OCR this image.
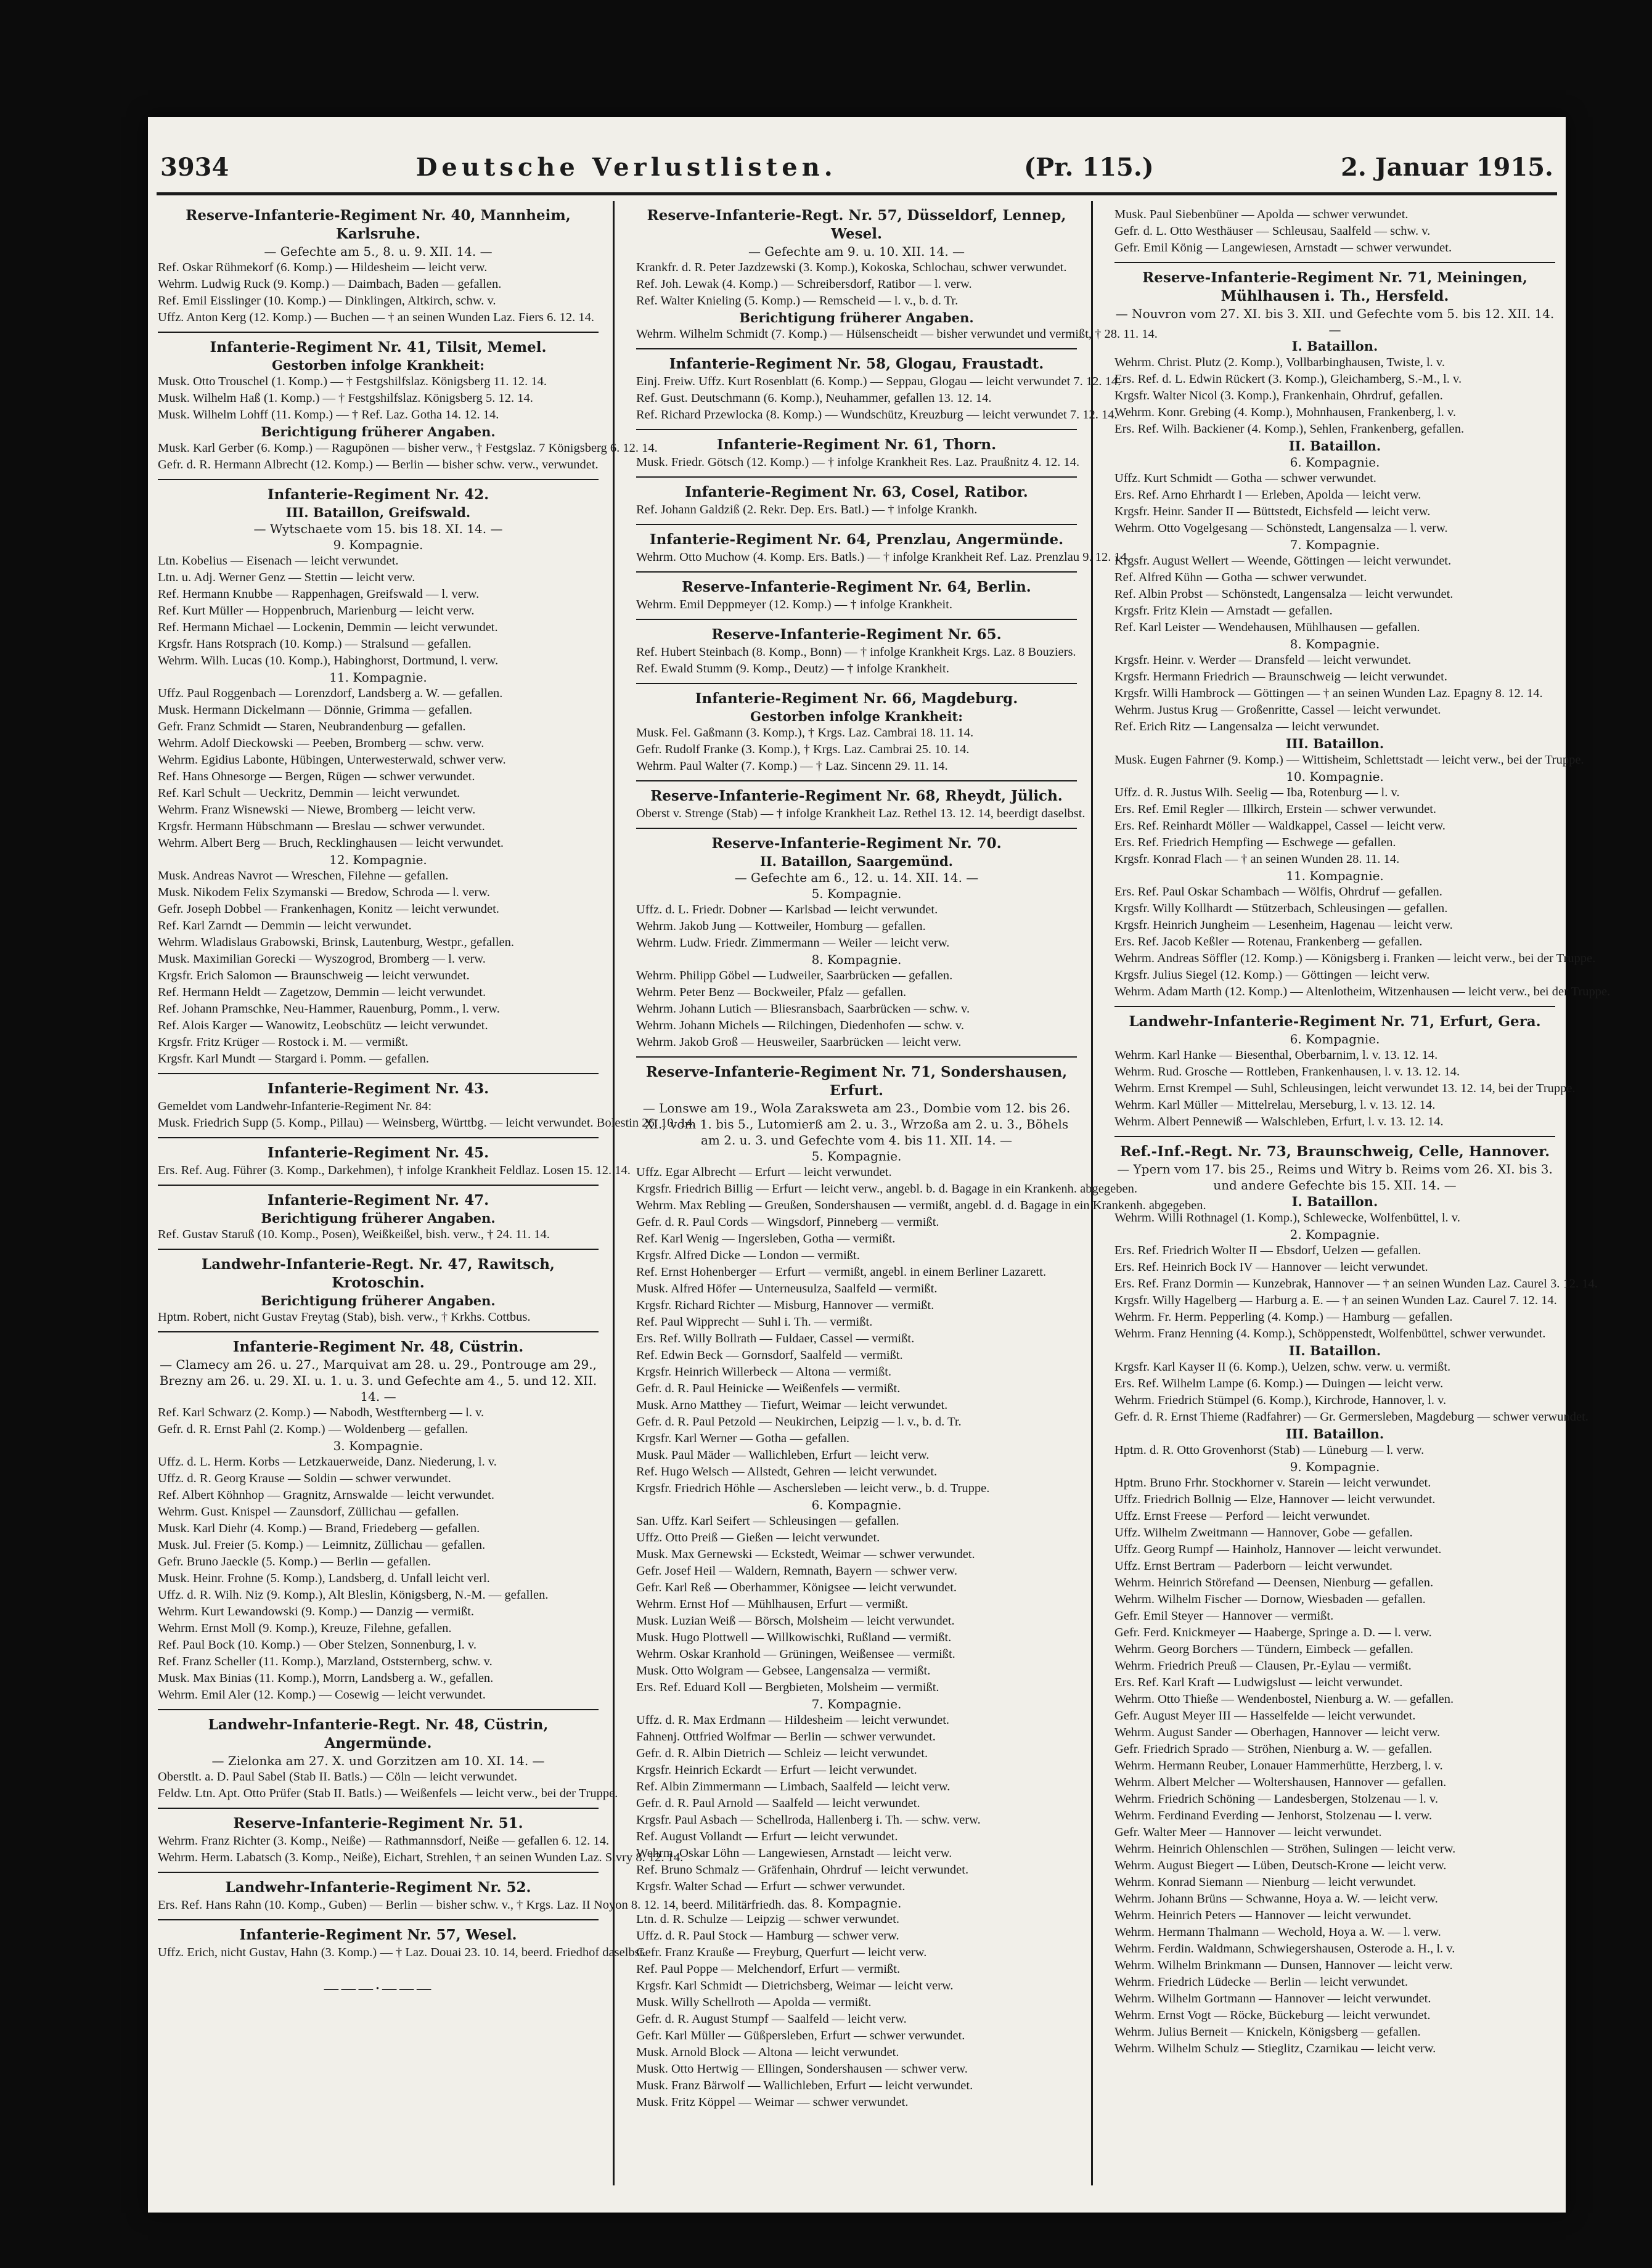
3934	Deutsche Verlustlisten.	(Pr. 115.)	2. Januar 1915.
Reserve-Infanterie-Regiment Nr. 40, Mannheim, Karlsruhe.
— Gefechte am 5., 8. u. 9. XII. 14. —
Ref. Oskar Rühmekorf (6. Komp.) — Hildesheim — leicht verw.
Wehrm. Ludwig Ruck (9. Komp.) — Daimbach, Baden — gefallen.
Ref. Emil Eisslinger (10. Komp.) — Dinklingen, Altkirch, schw. v.
Uffz. Anton Kerg (12. Komp.) — Buchen — † an seinen Wunden Laz. Fiers 6. 12. 14.
Infanterie-Regiment Nr. 41, Tilsit, Memel.
Gestorben infolge Krankheit:
Musk. Otto Trouschel (1. Komp.) — † Festgshilfslaz. Königsberg 11. 12. 14.
Musk. Wilhelm Haß (1. Komp.) — † Festgshilfslaz. Königsberg 5. 12. 14.
Musk. Wilhelm Lohff (11. Komp.) — † Ref. Laz. Gotha 14. 12. 14.
Berichtigung früherer Angaben.
Musk. Karl Gerber (6. Komp.) — Ragupönen — bisher verw., † Festgslaz. 7 Königsberg 6. 12. 14.
Gefr. d. R. Hermann Albrecht (12. Komp.) — Berlin — bisher schw. verw., verwundet.
Infanterie-Regiment Nr. 42.
III. Bataillon, Greifswald.
— Wytschaete vom 15. bis 18. XI. 14. —
9. Kompagnie.
Ltn. Kobelius — Eisenach — leicht verwundet.
Ltn. u. Adj. Werner Genz — Stettin — leicht verw.
Ref. Hermann Knubbe — Rappenhagen, Greifswald — l. verw.
Ref. Kurt Müller — Hoppenbruch, Marienburg — leicht verw.
Ref. Hermann Michael — Lockenin, Demmin — leicht verwundet.
Krgsfr. Hans Rotsprach (10. Komp.) — Stralsund — gefallen.
Wehrm. Wilh. Lucas (10. Komp.), Habinghorst, Dortmund, l. verw.
11. Kompagnie.
Uffz. Paul Roggenbach — Lorenzdorf, Landsberg a. W. — gefallen.
Musk. Hermann Dickelmann — Dönnie, Grimma — gefallen.
Gefr. Franz Schmidt — Staren, Neubrandenburg — gefallen.
Wehrm. Adolf Dieckowski — Peeben, Bromberg — schw. verw.
Wehrm. Egidius Labonte, Hübingen, Unterwesterwald, schwer verw.
Ref. Hans Ohnesorge — Bergen, Rügen — schwer verwundet.
Ref. Karl Schult — Ueckritz, Demmin — leicht verwundet.
Wehrm. Franz Wisnewski — Niewe, Bromberg — leicht verw.
Krgsfr. Hermann Hübschmann — Breslau — schwer verwundet.
Wehrm. Albert Berg — Bruch, Recklinghausen — leicht verwundet.
12. Kompagnie.
Musk. Andreas Navrot — Wreschen, Filehne — gefallen.
Musk. Nikodem Felix Szymanski — Bredow, Schroda — l. verw.
Gefr. Joseph Dobbel — Frankenhagen, Konitz — leicht verwundet.
Ref. Karl Zarndt — Demmin — leicht verwundet.
Wehrm. Wladislaus Grabowski, Brinsk, Lautenburg, Westpr., gefallen.
Musk. Maximilian Gorecki — Wyszogrod, Bromberg — l. verw.
Krgsfr. Erich Salomon — Braunschweig — leicht verwundet.
Ref. Hermann Heldt — Zagetzow, Demmin — leicht verwundet.
Ref. Johann Pramschke, Neu-Hammer, Rauenburg, Pomm., l. verw.
Ref. Alois Karger — Wanowitz, Leobschütz — leicht verwundet.
Krgsfr. Fritz Krüger — Rostock i. M. — vermißt.
Krgsfr. Karl Mundt — Stargard i. Pomm. — gefallen.
Infanterie-Regiment Nr. 43.
Gemeldet vom Landwehr-Infanterie-Regiment Nr. 84:
Musk. Friedrich Supp (5. Komp., Pillau) — Weinsberg, Württbg. — leicht verwundet. Bolestin 26. 10. 14.
Infanterie-Regiment Nr. 45.
Ers. Ref. Aug. Führer (3. Komp., Darkehmen), † infolge Krankheit Feldlaz. Losen 15. 12. 14.
Infanterie-Regiment Nr. 47.
Berichtigung früherer Angaben.
Ref. Gustav Staruß (10. Komp., Posen), Weißkeißel, bish. verw., † 24. 11. 14.
Landwehr-Infanterie-Regt. Nr. 47, Rawitsch, Krotoschin.
Berichtigung früherer Angaben.
Hptm. Robert, nicht Gustav Freytag (Stab), bish. verw., † Krkhs. Cottbus.
Infanterie-Regiment Nr. 48, Cüstrin.
— Clamecy am 26. u. 27., Marquivat am 28. u. 29., Pontrouge am 29., Brezny am 26. u. 29. XI. u. 1. u. 3. und Gefechte am 4., 5. und 12. XII. 14. —
Ref. Karl Schwarz (2. Komp.) — Nabodh, Westfternberg — l. v.
Gefr. d. R. Ernst Pahl (2. Komp.) — Woldenberg — gefallen.
3. Kompagnie.
Uffz. d. L. Herm. Korbs — Letzkauerweide, Danz. Niederung, l. v.
Uffz. d. R. Georg Krause — Soldin — schwer verwundet.
Ref. Albert Köhnhop — Gragnitz, Arnswalde — leicht verwundet.
Wehrm. Gust. Knispel — Zaunsdorf, Züllichau — gefallen.
Musk. Karl Diehr (4. Komp.) — Brand, Friedeberg — gefallen.
Musk. Jul. Freier (5. Komp.) — Leimnitz, Züllichau — gefallen.
Gefr. Bruno Jaeckle (5. Komp.) — Berlin — gefallen.
Musk. Heinr. Frohne (5. Komp.), Landsberg, d. Unfall leicht verl.
Uffz. d. R. Wilh. Niz (9. Komp.), Alt Bleslin, Königsberg, N.-M. — gefallen.
Wehrm. Kurt Lewandowski (9. Komp.) — Danzig — vermißt.
Wehrm. Ernst Moll (9. Komp.), Kreuze, Filehne, gefallen.
Ref. Paul Bock (10. Komp.) — Ober Stelzen, Sonnenburg, l. v.
Ref. Franz Scheller (11. Komp.), Marzland, Oststernberg, schw. v.
Musk. Max Binias (11. Komp.), Morrn, Landsberg a. W., gefallen.
Wehrm. Emil Aler (12. Komp.) — Cosewig — leicht verwundet.
Landwehr-Infanterie-Regt. Nr. 48, Cüstrin, Angermünde.
— Zielonka am 27. X. und Gorzitzen am 10. XI. 14. —
Oberstlt. a. D. Paul Sabel (Stab II. Batls.) — Cöln — leicht verwundet.
Feldw. Ltn. Apt. Otto Prüfer (Stab II. Batls.) — Weißenfels — leicht verw., bei der Truppe.
Reserve-Infanterie-Regiment Nr. 51.
Wehrm. Franz Richter (3. Komp., Neiße) — Rathmannsdorf, Neiße — gefallen 6. 12. 14.
Wehrm. Herm. Labatsch (3. Komp., Neiße), Eichart, Strehlen, † an seinen Wunden Laz. Sivry 8. 12. 14.
Landwehr-Infanterie-Regiment Nr. 52.
Ers. Ref. Hans Rahn (10. Komp., Guben) — Berlin — bisher schw. v., † Krgs. Laz. II Noyon 8. 12. 14, beerd. Militärfriedh. das.
Infanterie-Regiment Nr. 57, Wesel.
Uffz. Erich, nicht Gustav, Hahn (3. Komp.) — † Laz. Douai 23. 10. 14, beerd. Friedhof daselbst.
———·———
Reserve-Infanterie-Regt. Nr. 57, Düsseldorf, Lennep, Wesel.
— Gefechte am 9. u. 10. XII. 14. —
Krankfr. d. R. Peter Jazdzewski (3. Komp.), Kokoska, Schlochau, schwer verwundet.
Ref. Joh. Lewak (4. Komp.) — Schreibersdorf, Ratibor — l. verw.
Ref. Walter Knieling (5. Komp.) — Remscheid — l. v., b. d. Tr.
Berichtigung früherer Angaben.
Wehrm. Wilhelm Schmidt (7. Komp.) — Hülsenscheidt — bisher verwundet und vermißt, † 28. 11. 14.
Infanterie-Regiment Nr. 58, Glogau, Fraustadt.
Einj. Freiw. Uffz. Kurt Rosenblatt (6. Komp.) — Seppau, Glogau — leicht verwundet 7. 12. 14.
Ref. Gust. Deutschmann (6. Komp.), Neuhammer, gefallen 13. 12. 14.
Ref. Richard Przewlocka (8. Komp.) — Wundschütz, Kreuzburg — leicht verwundet 7. 12. 14.
Infanterie-Regiment Nr. 61, Thorn.
Musk. Friedr. Götsch (12. Komp.) — † infolge Krankheit Res. Laz. Praußnitz 4. 12. 14.
Infanterie-Regiment Nr. 63, Cosel, Ratibor.
Ref. Johann Galdziß (2. Rekr. Dep. Ers. Batl.) — † infolge Krankh.
Infanterie-Regiment Nr. 64, Prenzlau, Angermünde.
Wehrm. Otto Muchow (4. Komp. Ers. Batls.) — † infolge Krankheit Ref. Laz. Prenzlau 9. 12. 14.
Reserve-Infanterie-Regiment Nr. 64, Berlin.
Wehrm. Emil Deppmeyer (12. Komp.) — † infolge Krankheit.
Reserve-Infanterie-Regiment Nr. 65.
Ref. Hubert Steinbach (8. Komp., Bonn) — † infolge Krankheit Krgs. Laz. 8 Bouziers.
Ref. Ewald Stumm (9. Komp., Deutz) — † infolge Krankheit.
Infanterie-Regiment Nr. 66, Magdeburg.
Gestorben infolge Krankheit:
Musk. Fel. Gaßmann (3. Komp.), † Krgs. Laz. Cambrai 18. 11. 14.
Gefr. Rudolf Franke (3. Komp.), † Krgs. Laz. Cambrai 25. 10. 14.
Wehrm. Paul Walter (7. Komp.) — † Laz. Sincenn 29. 11. 14.
Reserve-Infanterie-Regiment Nr. 68, Rheydt, Jülich.
Oberst v. Strenge (Stab) — † infolge Krankheit Laz. Rethel 13. 12. 14, beerdigt daselbst.
Reserve-Infanterie-Regiment Nr. 70.
II. Bataillon, Saargemünd.
— Gefechte am 6., 12. u. 14. XII. 14. —
5. Kompagnie.
Uffz. d. L. Friedr. Dobner — Karlsbad — leicht verwundet.
Wehrm. Jakob Jung — Kottweiler, Homburg — gefallen.
Wehrm. Ludw. Friedr. Zimmermann — Weiler — leicht verw.
8. Kompagnie.
Wehrm. Philipp Göbel — Ludweiler, Saarbrücken — gefallen.
Wehrm. Peter Benz — Bockweiler, Pfalz — gefallen.
Wehrm. Johann Lutich — Bliesransbach, Saarbrücken — schw. v.
Wehrm. Johann Michels — Rilchingen, Diedenhofen — schw. v.
Wehrm. Jakob Groß — Heusweiler, Saarbrücken — leicht verw.
Reserve-Infanterie-Regiment Nr. 71, Sondershausen, Erfurt.
— Lonswe am 19., Wola Zaraksweta am 23., Dombie vom 12. bis 26. XI., vom 1. bis 5., Lutomierß am 2. u. 3., Wrzoßa am 2. u. 3., Böhels am 2. u. 3. und Gefechte vom 4. bis 11. XII. 14. —
5. Kompagnie.
Uffz. Egar Albrecht — Erfurt — leicht verwundet.
Krgsfr. Friedrich Billig — Erfurt — leicht verw., angebl. b. d. Bagage in ein Krankenh. abgegeben.
Wehrm. Max Rebling — Greußen, Sondershausen — vermißt, angebl. d. d. Bagage in ein Krankenh. abgegeben.
Gefr. d. R. Paul Cords — Wingsdorf, Pinneberg — vermißt.
Ref. Karl Wenig — Ingersleben, Gotha — vermißt.
Krgsfr. Alfred Dicke — London — vermißt.
Ref. Ernst Hohenberger — Erfurt — vermißt, angebl. in einem Berliner Lazarett.
Musk. Alfred Höfer — Unterneusulza, Saalfeld — vermißt.
Krgsfr. Richard Richter — Misburg, Hannover — vermißt.
Ref. Paul Wipprecht — Suhl i. Th. — vermißt.
Ers. Ref. Willy Bollrath — Fuldaer, Cassel — vermißt.
Ref. Edwin Beck — Gornsdorf, Saalfeld — vermißt.
Krgsfr. Heinrich Willerbeck — Altona — vermißt.
Gefr. d. R. Paul Heinicke — Weißenfels — vermißt.
Musk. Arno Matthey — Tiefurt, Weimar — leicht verwundet.
Gefr. d. R. Paul Petzold — Neukirchen, Leipzig — l. v., b. d. Tr.
Krgsfr. Karl Werner — Gotha — gefallen.
Musk. Paul Mäder — Wallichleben, Erfurt — leicht verw.
Ref. Hugo Welsch — Allstedt, Gehren — leicht verwundet.
Krgsfr. Friedrich Höhle — Aschersleben — leicht verw., b. d. Truppe.
6. Kompagnie.
San. Uffz. Karl Seifert — Schleusingen — gefallen.
Uffz. Otto Preiß — Gießen — leicht verwundet.
Musk. Max Gernewski — Eckstedt, Weimar — schwer verwundet.
Gefr. Josef Heil — Waldern, Remnath, Bayern — schwer verw.
Gefr. Karl Reß — Oberhammer, Königsee — leicht verwundet.
Wehrm. Ernst Hof — Mühlhausen, Erfurt — vermißt.
Musk. Luzian Weiß — Börsch, Molsheim — leicht verwundet.
Musk. Hugo Plottwell — Willkowischki, Rußland — vermißt.
Wehrm. Oskar Kranhold — Grüningen, Weißensee — vermißt.
Musk. Otto Wolgram — Gebsee, Langensalza — vermißt.
Ers. Ref. Eduard Koll — Bergbieten, Molsheim — vermißt.
7. Kompagnie.
Uffz. d. R. Max Erdmann — Hildesheim — leicht verwundet.
Fahnenj. Ottfried Wolfmar — Berlin — schwer verwundet.
Gefr. d. R. Albin Dietrich — Schleiz — leicht verwundet.
Krgsfr. Heinrich Eckardt — Erfurt — leicht verwundet.
Ref. Albin Zimmermann — Limbach, Saalfeld — leicht verw.
Gefr. d. R. Paul Arnold — Saalfeld — leicht verwundet.
Krgsfr. Paul Asbach — Schellroda, Hallenberg i. Th. — schw. verw.
Ref. August Vollandt — Erfurt — leicht verwundet.
Wehrm. Oskar Löhn — Langewiesen, Arnstadt — leicht verw.
Ref. Bruno Schmalz — Gräfenhain, Ohrdruf — leicht verwundet.
Krgsfr. Walter Schad — Erfurt — schwer verwundet.
8. Kompagnie.
Ltn. d. R. Schulze — Leipzig — schwer verwundet.
Uffz. d. R. Paul Stock — Hamburg — schwer verw.
Gefr. Franz Krauße — Freyburg, Querfurt — leicht verw.
Ref. Paul Poppe — Melchendorf, Erfurt — vermißt.
Krgsfr. Karl Schmidt — Dietrichsberg, Weimar — leicht verw.
Musk. Willy Schellroth — Apolda — vermißt.
Gefr. d. R. August Stumpf — Saalfeld — leicht verw.
Gefr. Karl Müller — Güßpersleben, Erfurt — schwer verwundet.
Musk. Arnold Block — Altona — leicht verwundet.
Musk. Otto Hertwig — Ellingen, Sondershausen — schwer verw.
Musk. Franz Bärwolf — Wallichleben, Erfurt — leicht verwundet.
Musk. Fritz Köppel — Weimar — schwer verwundet.
Musk. Paul Siebenbüner — Apolda — schwer verwundet.
Gefr. d. L. Otto Westhäuser — Schleusau, Saalfeld — schw. v.
Gefr. Emil König — Langewiesen, Arnstadt — schwer verwundet.
Reserve-Infanterie-Regiment Nr. 71, Meiningen, Mühlhausen i. Th., Hersfeld.
— Nouvron vom 27. XI. bis 3. XII. und Gefechte vom 5. bis 12. XII. 14. —
I. Bataillon.
Wehrm. Christ. Plutz (2. Komp.), Vollbarbinghausen, Twiste, l. v.
Ers. Ref. d. L. Edwin Rückert (3. Komp.), Gleichamberg, S.-M., l. v.
Krgsfr. Walter Nicol (3. Komp.), Frankenhain, Ohrdruf, gefallen.
Wehrm. Konr. Grebing (4. Komp.), Mohnhausen, Frankenberg, l. v.
Ers. Ref. Wilh. Backiener (4. Komp.), Sehlen, Frankenberg, gefallen.
II. Bataillon.
6. Kompagnie.
Uffz. Kurt Schmidt — Gotha — schwer verwundet.
Ers. Ref. Arno Ehrhardt I — Erleben, Apolda — leicht verw.
Krgsfr. Heinr. Sander II — Büttstedt, Eichsfeld — leicht verw.
Wehrm. Otto Vogelgesang — Schönstedt, Langensalza — l. verw.
7. Kompagnie.
Krgsfr. August Wellert — Weende, Göttingen — leicht verwundet.
Ref. Alfred Kühn — Gotha — schwer verwundet.
Ref. Albin Probst — Schönstedt, Langensalza — leicht verwundet.
Krgsfr. Fritz Klein — Arnstadt — gefallen.
Ref. Karl Leister — Wendehausen, Mühlhausen — gefallen.
8. Kompagnie.
Krgsfr. Heinr. v. Werder — Dransfeld — leicht verwundet.
Krgsfr. Hermann Friedrich — Braunschweig — leicht verwundet.
Krgsfr. Willi Hambrock — Göttingen — † an seinen Wunden Laz. Epagny 8. 12. 14.
Wehrm. Justus Krug — Großenritte, Cassel — leicht verwundet.
Ref. Erich Ritz — Langensalza — leicht verwundet.
III. Bataillon.
Musk. Eugen Fahrner (9. Komp.) — Wittisheim, Schlettstadt — leicht verw., bei der Truppe.
10. Kompagnie.
Uffz. d. R. Justus Wilh. Seelig — Iba, Rotenburg — l. v.
Ers. Ref. Emil Regler — Illkirch, Erstein — schwer verwundet.
Ers. Ref. Reinhardt Möller — Waldkappel, Cassel — leicht verw.
Ers. Ref. Friedrich Hempfing — Eschwege — gefallen.
Krgsfr. Konrad Flach — † an seinen Wunden 28. 11. 14.
11. Kompagnie.
Ers. Ref. Paul Oskar Schambach — Wölfis, Ohrdruf — gefallen.
Krgsfr. Willy Kollhardt — Stützerbach, Schleusingen — gefallen.
Krgsfr. Heinrich Jungheim — Lesenheim, Hagenau — leicht verw.
Ers. Ref. Jacob Keßler — Rotenau, Frankenberg — gefallen.
Wehrm. Andreas Söffler (12. Komp.) — Königsberg i. Franken — leicht verw., bei der Truppe.
Krgsfr. Julius Siegel (12. Komp.) — Göttingen — leicht verw.
Wehrm. Adam Marth (12. Komp.) — Altenlotheim, Witzenhausen — leicht verw., bei der Truppe.
Landwehr-Infanterie-Regiment Nr. 71, Erfurt, Gera.
6. Kompagnie.
Wehrm. Karl Hanke — Biesenthal, Oberbarnim, l. v. 13. 12. 14.
Wehrm. Rud. Grosche — Rottleben, Frankenhausen, l. v. 13. 12. 14.
Wehrm. Ernst Krempel — Suhl, Schleusingen, leicht verwundet 13. 12. 14, bei der Truppe.
Wehrm. Karl Müller — Mittelrelau, Merseburg, l. v. 13. 12. 14.
Wehrm. Albert Pennewiß — Walschleben, Erfurt, l. v. 13. 12. 14.
Ref.-Inf.-Regt. Nr. 73, Braunschweig, Celle, Hannover.
— Ypern vom 17. bis 25., Reims und Witry b. Reims vom 26. XI. bis 3. und andere Gefechte bis 15. XII. 14. —
I. Bataillon.
Wehrm. Willi Rothnagel (1. Komp.), Schlewecke, Wolfenbüttel, l. v.
2. Kompagnie.
Ers. Ref. Friedrich Wolter II — Ebsdorf, Uelzen — gefallen.
Ers. Ref. Heinrich Bock IV — Hannover — leicht verwundet.
Ers. Ref. Franz Dormin — Kunzebrak, Hannover — † an seinen Wunden Laz. Caurel 3. 12. 14.
Krgsfr. Willy Hagelberg — Harburg a. E. — † an seinen Wunden Laz. Caurel 7. 12. 14.
Wehrm. Fr. Herm. Pepperling (4. Komp.) — Hamburg — gefallen.
Wehrm. Franz Henning (4. Komp.), Schöppenstedt, Wolfenbüttel, schwer verwundet.
II. Bataillon.
Krgsfr. Karl Kayser II (6. Komp.), Uelzen, schw. verw. u. vermißt.
Ers. Ref. Wilhelm Lampe (6. Komp.) — Duingen — leicht verw.
Wehrm. Friedrich Stümpel (6. Komp.), Kirchrode, Hannover, l. v.
Gefr. d. R. Ernst Thieme (Radfahrer) — Gr. Germersleben, Magdeburg — schwer verwundet.
III. Bataillon.
Hptm. d. R. Otto Grovenhorst (Stab) — Lüneburg — l. verw.
9. Kompagnie.
Hptm. Bruno Frhr. Stockhorner v. Starein — leicht verwundet.
Uffz. Friedrich Bollnig — Elze, Hannover — leicht verwundet.
Uffz. Ernst Freese — Perford — leicht verwundet.
Uffz. Wilhelm Zweitmann — Hannover, Gobe — gefallen.
Uffz. Georg Rumpf — Hainholz, Hannover — leicht verwundet.
Uffz. Ernst Bertram — Paderborn — leicht verwundet.
Wehrm. Heinrich Störefand — Deensen, Nienburg — gefallen.
Wehrm. Wilhelm Fischer — Dornow, Wiesbaden — gefallen.
Gefr. Emil Steyer — Hannover — vermißt.
Gefr. Ferd. Knickmeyer — Haaberge, Springe a. D. — l. verw.
Wehrm. Georg Borchers — Tündern, Eimbeck — gefallen.
Wehrm. Friedrich Preuß — Clausen, Pr.-Eylau — vermißt.
Ers. Ref. Karl Kraft — Ludwigslust — leicht verwundet.
Wehrm. Otto Thieße — Wendenbostel, Nienburg a. W. — gefallen.
Gefr. August Meyer III — Hasselfelde — leicht verwundet.
Wehrm. August Sander — Oberhagen, Hannover — leicht verw.
Gefr. Friedrich Sprado — Ströhen, Nienburg a. W. — gefallen.
Wehrm. Hermann Reuber, Lonauer Hammerhütte, Herzberg, l. v.
Wehrm. Albert Melcher — Woltershausen, Hannover — gefallen.
Wehrm. Friedrich Schöning — Landesbergen, Stolzenau — l. v.
Wehrm. Ferdinand Everding — Jenhorst, Stolzenau — l. verw.
Gefr. Walter Meer — Hannover — leicht verwundet.
Wehrm. Heinrich Ohlenschlen — Ströhen, Sulingen — leicht verw.
Wehrm. August Biegert — Lüben, Deutsch-Krone — leicht verw.
Wehrm. Konrad Siemann — Nienburg — leicht verwundet.
Wehrm. Johann Brüns — Schwanne, Hoya a. W. — leicht verw.
Wehrm. Heinrich Peters — Hannover — leicht verwundet.
Wehrm. Hermann Thalmann — Wechold, Hoya a. W. — l. verw.
Wehrm. Ferdin. Waldmann, Schwiegershausen, Osterode a. H., l. v.
Wehrm. Wilhelm Brinkmann — Dunsen, Hannover — leicht verw.
Wehrm. Friedrich Lüdecke — Berlin — leicht verwundet.
Wehrm. Wilhelm Gortmann — Hannover — leicht verwundet.
Wehrm. Ernst Vogt — Röcke, Bückeburg — leicht verwundet.
Wehrm. Julius Berneit — Knickeln, Königsberg — gefallen.
Wehrm. Wilhelm Schulz — Stieglitz, Czarnikau — leicht verw.
